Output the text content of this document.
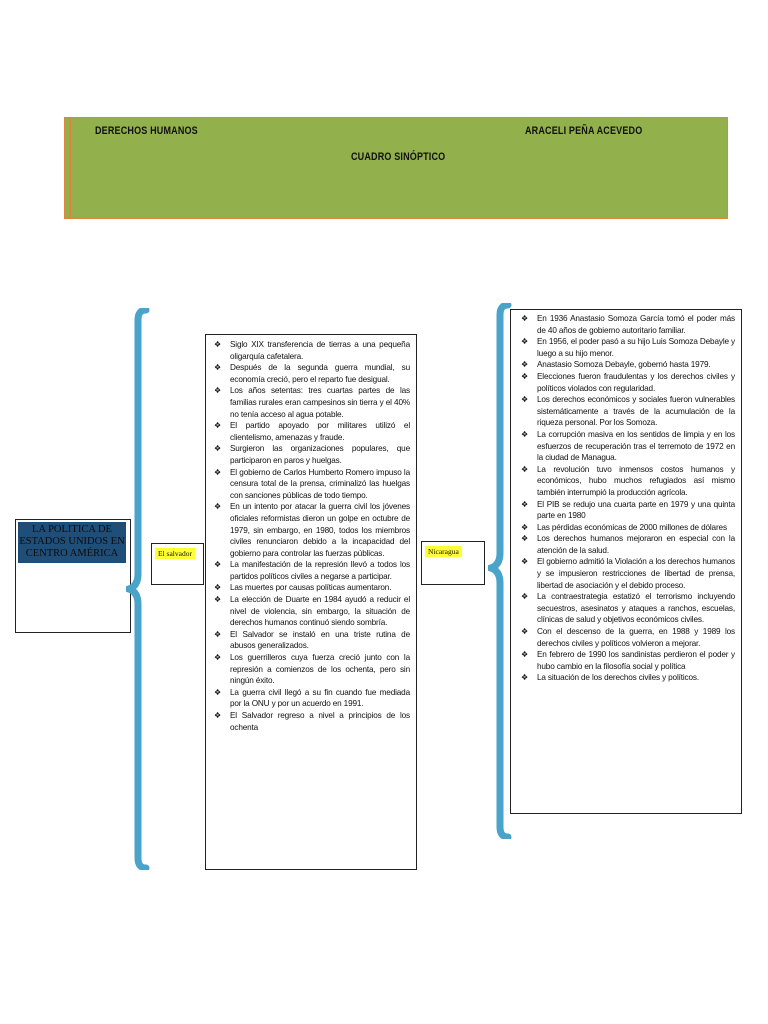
DERECHOS HUMANOS	ARACELI PEÑA ACEVEDO
CUADRO SINÓPTICO
LA POLITICA DE ESTADOS UNIDOS EN CENTRO AMÉRICA	El salvador
❖ Siglo XIX transferencia de tierras a una pequeña oligarquía cafetalera.
❖ Después de la segunda guerra mundial, su economía creció, pero el reparto fue desigual.
❖ Los años setentas: tres cuartas partes de las familias rurales eran campesinos sin tierra y el 40% no tenía acceso al agua potable.
❖ El partido apoyado por militares utilizó el clientelismo, amenazas y fraude.
❖ Surgieron las organizaciones populares, que participaron en paros y huelgas.
❖ El gobierno de Carlos Humberto Romero impuso la censura total de la prensa, criminalizó las huelgas con sanciones públicas de todo tiempo.
❖ En un intento por atacar la guerra civil los jóvenes oficiales reformistas dieron un golpe en octubre de 1979, sin embargo, en 1980, todos los miembros civiles renunciaron debido a la incapacidad del gobierno para controlar las fuerzas públicas.
❖ La manifestación de la represión llevó a todos los partidos políticos civiles a negarse a participar.
❖ Las muertes por causas políticas aumentaron.
❖ La elección de Duarte en 1984 ayudó a reducir el nivel de violencia, sin embargo, la situación de derechos humanos continuó siendo sombría.
❖ El Salvador se instaló en una triste rutina de abusos generalizados.
❖ Los guerrilleros cuya fuerza creció junto con la represión a comienzos de los ochenta, pero sin ningún éxito.
❖ La guerra civil llegó a su fin cuando fue mediada por la ONU y por un acuerdo en 1991.
❖ El Salvador regreso a nivel a principios de los ochenta
Nicaragua
❖ En 1936 Anastasio Somoza García tomó el poder más de 40 años de gobierno autoritario familiar.
❖ En 1956, el poder pasó a su hijo Luis Somoza Debayle y luego a su hijo menor.
❖ Anastasio Somoza Debayle, gobernó hasta 1979.
❖ Elecciones fueron fraudulentas y los derechos civiles y políticos violados con regularidad.
❖ Los derechos económicos y sociales fueron vulnerables sistemáticamente a través de la acumulación de la riqueza personal. Por los Somoza.
❖ La corrupción masiva en los sentidos de limpia y en los esfuerzos de recuperación tras el terremoto de 1972 en la ciudad de Managua.
❖ La revolución tuvo inmensos costos humanos y económicos, hubo muchos refugiados así mismo también interrumpió la producción agrícola.
❖ El PIB se redujo una cuarta parte en 1979 y una quinta parte en 1980
❖ Las pérdidas económicas de 2000 millones de dólares
❖ Los derechos humanos mejoraron en especial con la atención de la salud.
❖ El gobierno admitió la Violación a los derechos humanos y se impusieron restricciones de libertad de prensa, libertad de asociación y el debido proceso.
❖ La contraestrategia estatizó el terrorismo incluyendo secuestros, asesinatos y ataques a ranchos, escuelas, clínicas de salud y objetivos económicos civiles.
❖ Con el descenso de la guerra, en 1988 y 1989 los derechos civiles y políticos volvieron a mejorar.
❖ En febrero de 1990 los sandinistas perdieron el poder y hubo cambio en la filosofía social y política
❖ La situación de los derechos civiles y políticos.
